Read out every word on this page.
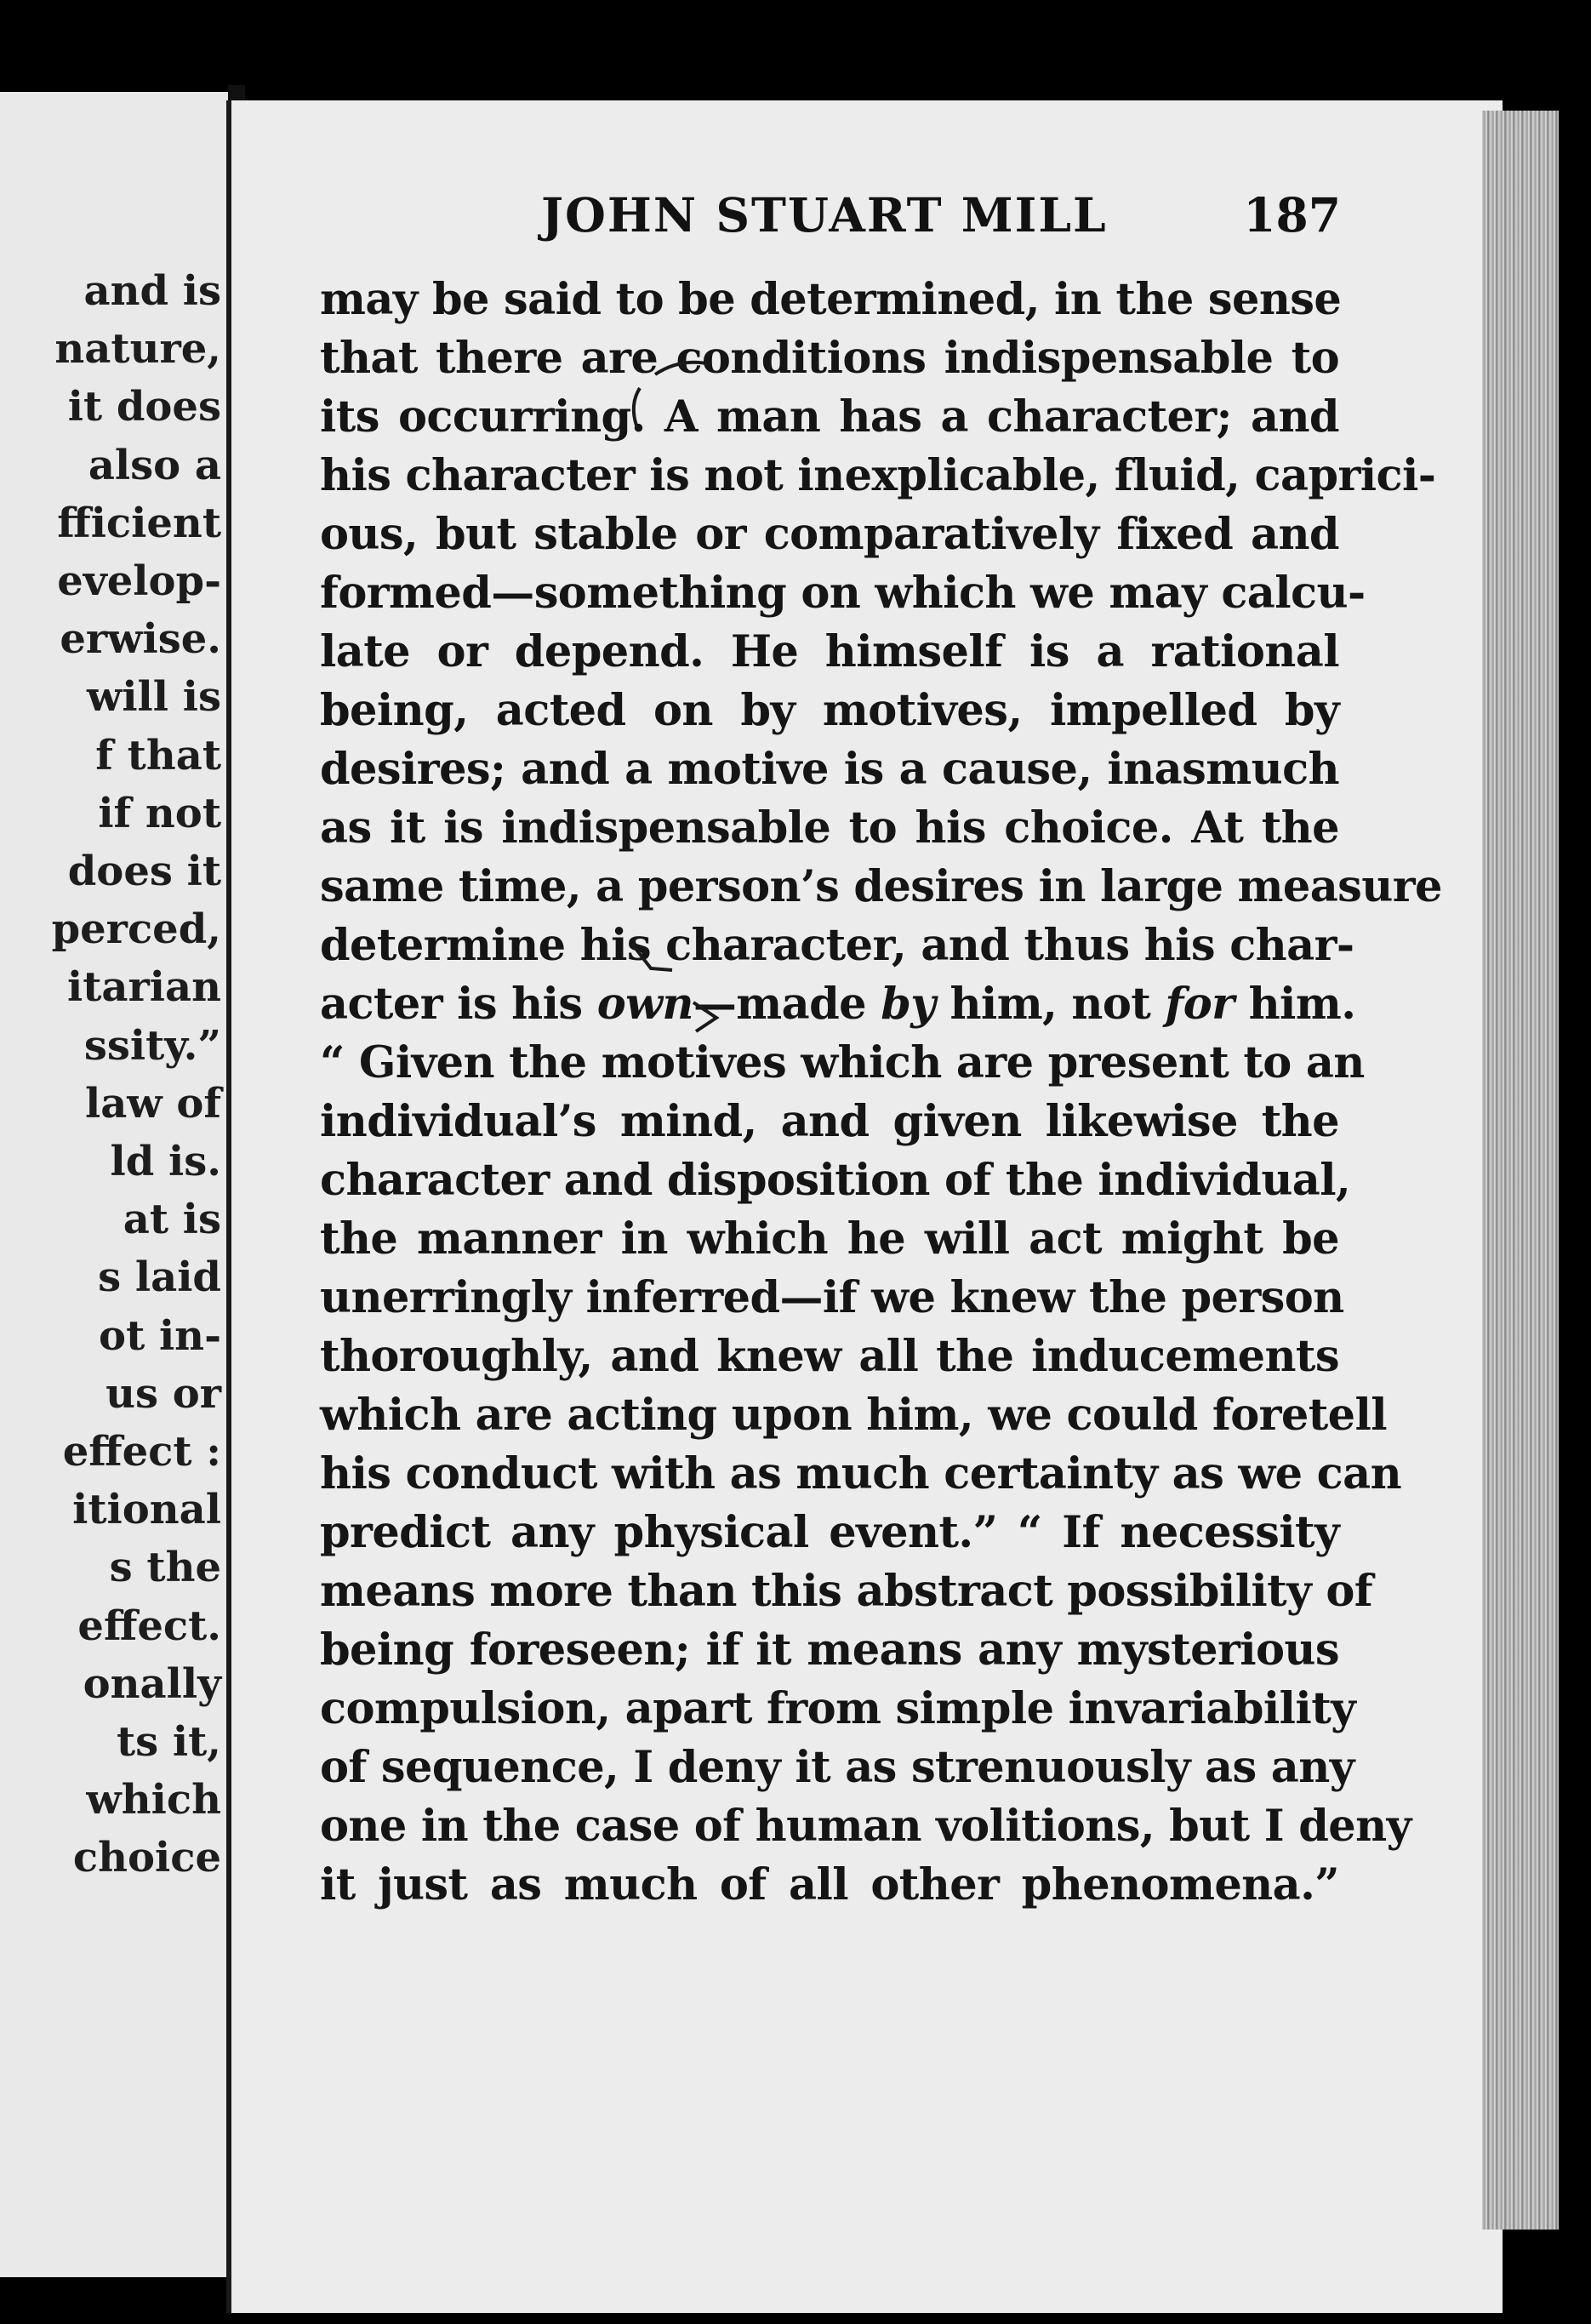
and is
nature,
it does
also a
fficient
evelop-
erwise.
will is
f that
if not
does it
perced,
itarian
ssity.”
law of
ld is.
at is
s laid
ot in-
us or
effect :
itional
s the
effect.
onally
ts it,
which
choice
JOHN STUART MILL	187
may be said to be determined, in the sense
that there are conditions indispensable to
its occurring. A man has a character; and
his character is not inexplicable, fluid, caprici-
ous, but stable or comparatively fixed and
formed—something on which we may calcu-
late or depend. He himself is a rational
being, acted on by motives, impelled by
desires; and a motive is a cause, inasmuch
as it is indispensable to his choice. At the
same time, a person’s desires in large measure
determine his character, and thus his char-
acter is his own—made by him, not for him.
“ Given the motives which are present to an
individual’s mind, and given likewise the
character and disposition of the individual,
the manner in which he will act might be
unerringly inferred—if we knew the person
thoroughly, and knew all the inducements
which are acting upon him, we could foretell
his conduct with as much certainty as we can
predict any physical event.” “ If necessity
means more than this abstract possibility of
being foreseen; if it means any mysterious
compulsion, apart from simple invariability
of sequence, I deny it as strenuously as any
one in the case of human volitions, but I deny
it just as much of all other phenomena.”
